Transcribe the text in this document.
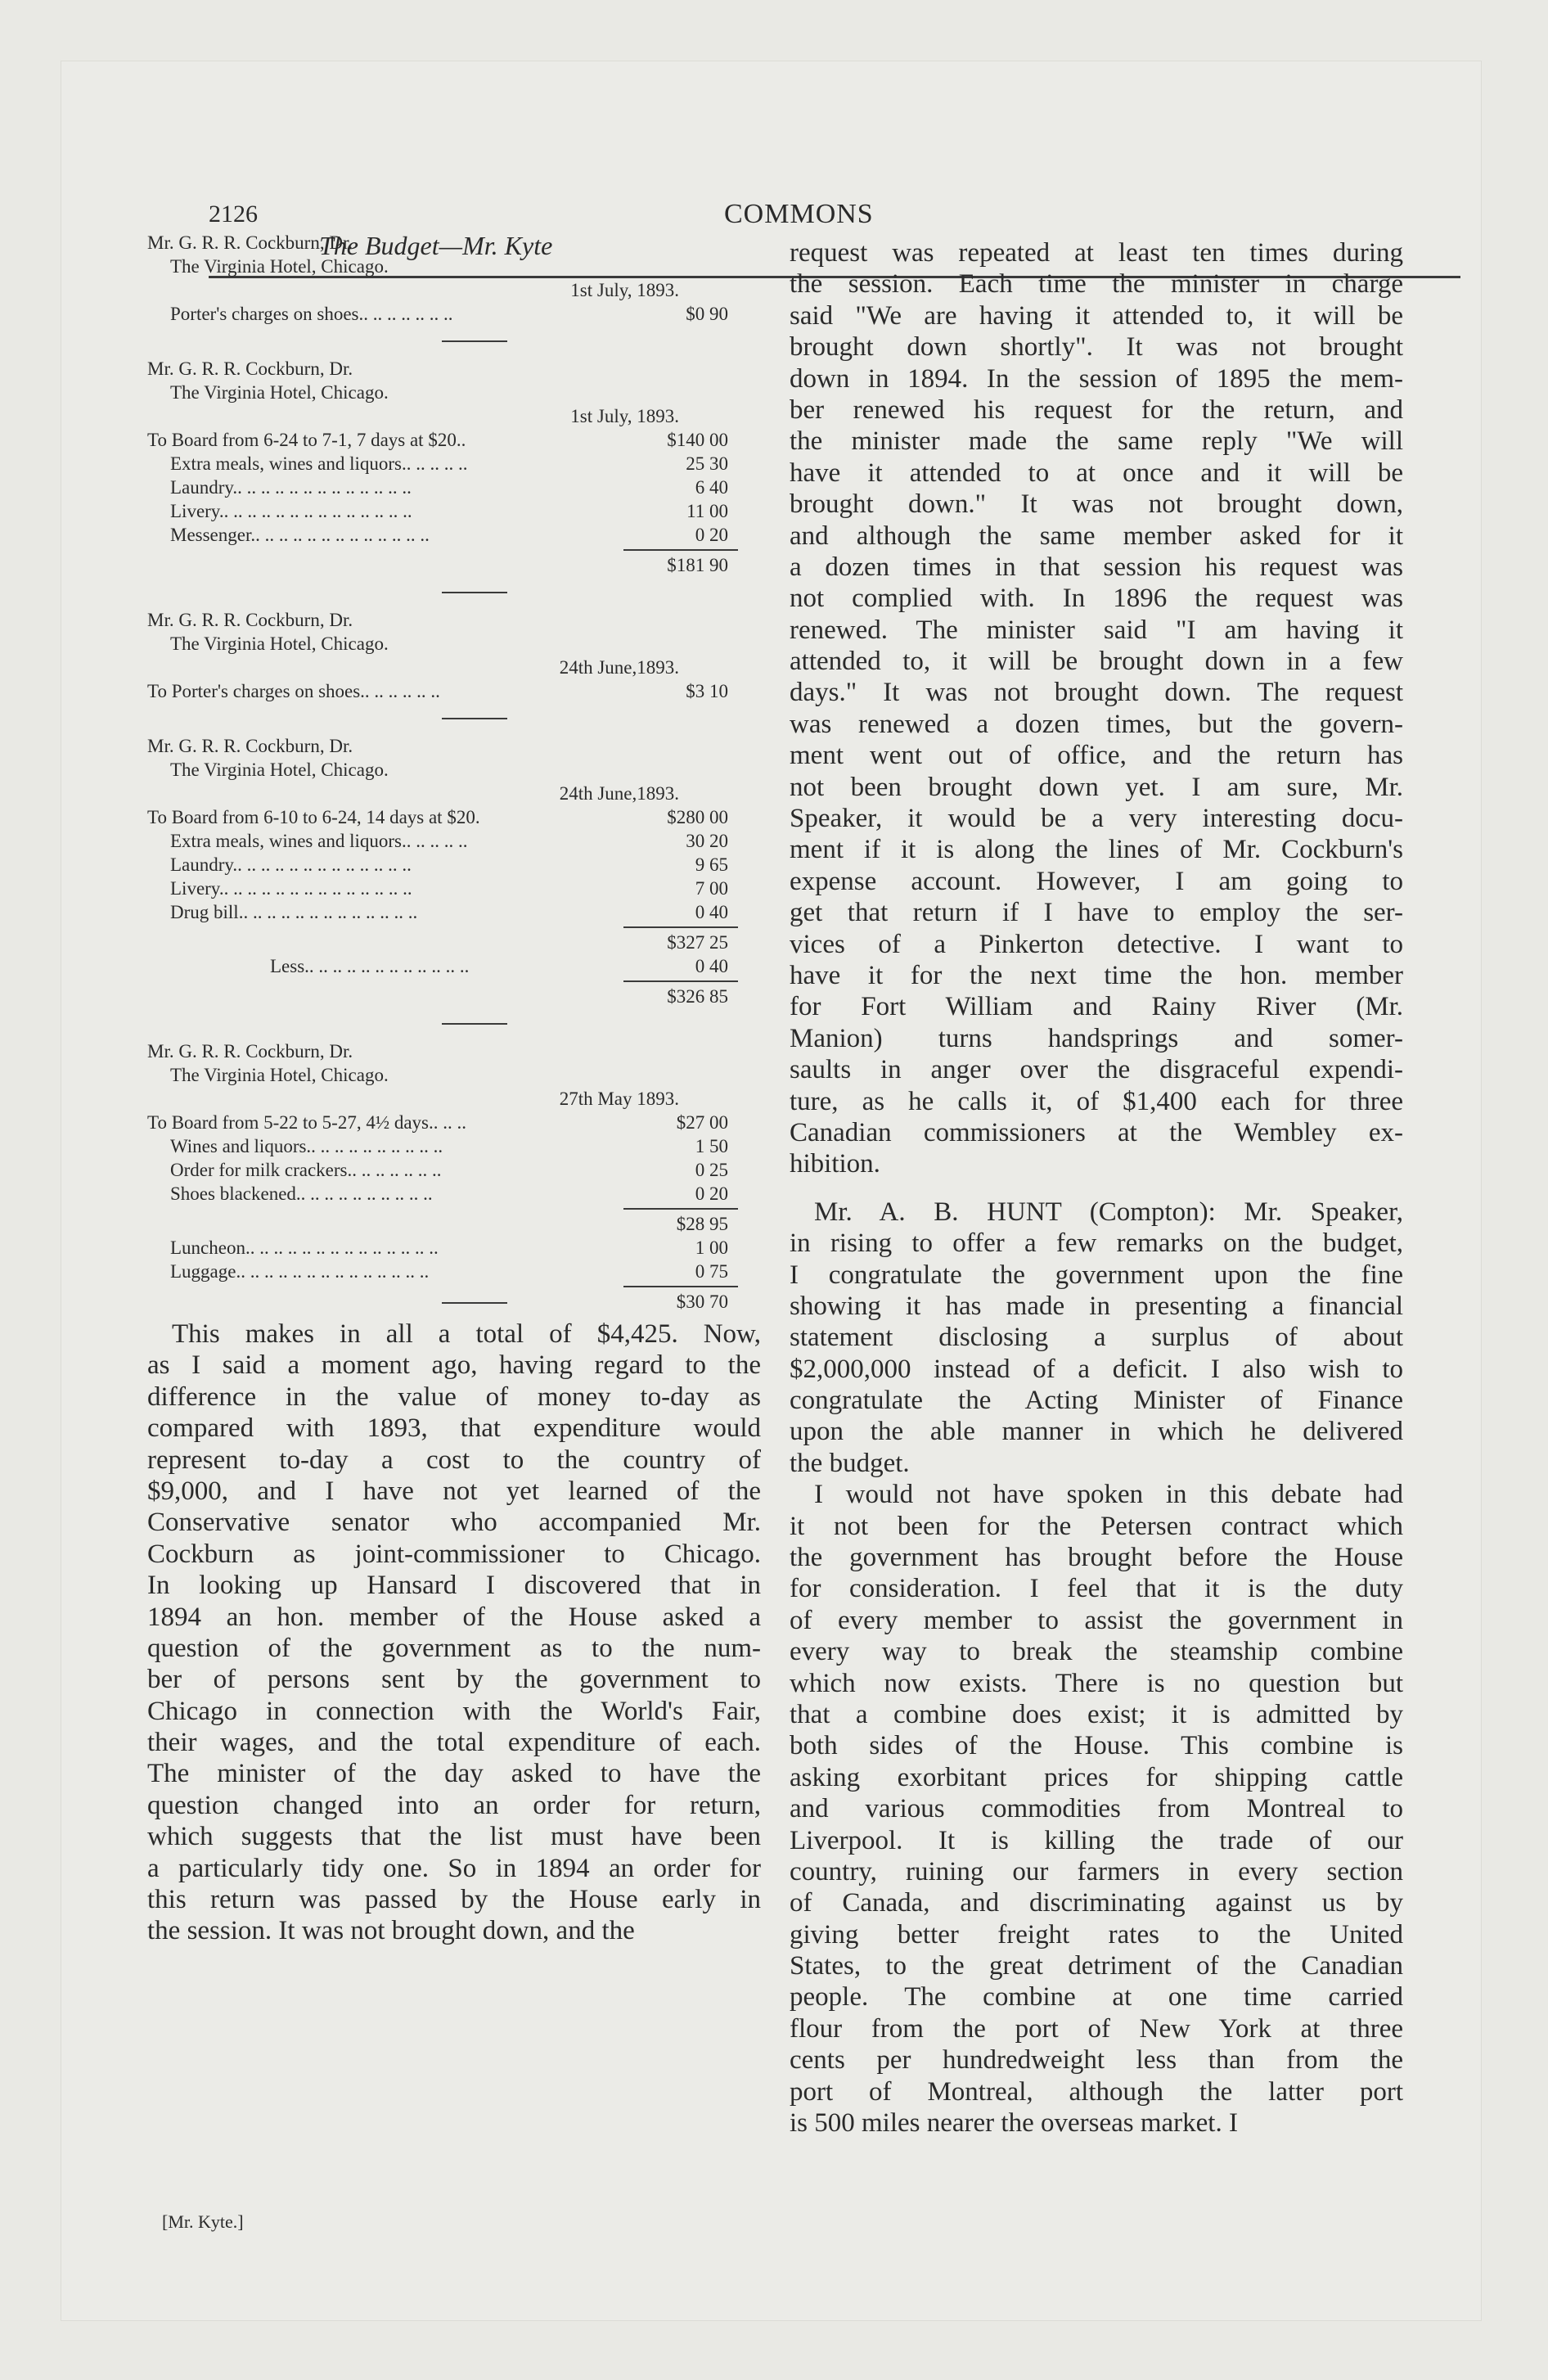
2126
The Budget—Mr. Kyte
COMMONS
Mr. G. R. R. Cockburn, Dr.
The Virginia Hotel, Chicago.
1st July, 1893.
Porter's charges on shoes.. .. .. .. .. .. ..	$0 90
Mr. G. R. R. Cockburn, Dr.
The Virginia Hotel, Chicago.
1st July, 1893.
To Board from 6-24 to 7-1, 7 days at $20..	$140 00
Extra meals, wines and liquors.. .. .. .. ..	25 30
Laundry.. .. .. .. .. .. .. .. .. .. .. .. ..	6 40
Livery.. .. .. .. .. .. .. .. .. .. .. .. .. ..	11 00
Messenger.. .. .. .. .. .. .. .. .. .. .. .. ..	0 20
$181 90
Mr. G. R. R. Cockburn, Dr.
The Virginia Hotel, Chicago.
24th June,1893.
To Porter's charges on shoes.. .. .. .. .. ..	$3 10
Mr. G. R. R. Cockburn, Dr.
The Virginia Hotel, Chicago.
24th June,1893.
To Board from 6-10 to 6-24, 14 days at $20.	$280 00
Extra meals, wines and liquors.. .. .. .. ..	30 20
Laundry.. .. .. .. .. .. .. .. .. .. .. .. ..	9 65
Livery.. .. .. .. .. .. .. .. .. .. .. .. .. ..	7 00
Drug bill.. .. .. .. .. .. .. .. .. .. .. .. ..	0 40
$327 25
Less.. .. .. .. .. .. .. .. .. .. .. ..	0 40
$326 85
Mr. G. R. R. Cockburn, Dr.
The Virginia Hotel, Chicago.
27th May 1893.
To Board from 5-22 to 5-27, 4½ days.. .. ..	$27 00
Wines and liquors.. .. .. .. .. .. .. .. .. ..	1 50
Order for milk crackers.. .. .. .. .. .. ..	0 25
Shoes blackened.. .. .. .. .. .. .. .. .. ..	0 20
$28 95
Luncheon.. .. .. .. .. .. .. .. .. .. .. .. .. ..	1 00
Luggage.. .. .. .. .. .. .. .. .. .. .. .. .. ..	0 75
$30 70
This makes in all a total of $4,425. Now,
as I said a moment ago, having regard to the
difference in the value of money to-day as
compared with 1893, that expenditure would
represent to-day a cost to the country of
$9,000, and I have not yet learned of the
Conservative senator who accompanied Mr.
Cockburn as joint-commissioner to Chicago.
In looking up Hansard I discovered that in
1894 an hon. member of the House asked a
question of the government as to the num-
ber of persons sent by the government to
Chicago in connection with the World's Fair,
their wages, and the total expenditure of each.
The minister of the day asked to have the
question changed into an order for return,
which suggests that the list must have been
a particularly tidy one. So in 1894 an order for
this return was passed by the House early in
the session. It was not brought down, and the
request was repeated at least ten times during
the session. Each time the minister in charge
said "We are having it attended to, it will be
brought down shortly". It was not brought
down in 1894. In the session of 1895 the mem-
ber renewed his request for the return, and
the minister made the same reply "We will
have it attended to at once and it will be
brought down." It was not brought down,
and although the same member asked for it
a dozen times in that session his request was
not complied with. In 1896 the request was
renewed. The minister said "I am having it
attended to, it will be brought down in a few
days." It was not brought down. The request
was renewed a dozen times, but the govern-
ment went out of office, and the return has
not been brought down yet. I am sure, Mr.
Speaker, it would be a very interesting docu-
ment if it is along the lines of Mr. Cockburn's
expense account. However, I am going to
get that return if I have to employ the ser-
vices of a Pinkerton detective. I want to
have it for the next time the hon. member
for Fort William and Rainy River (Mr.
Manion) turns handsprings and somer-
saults in anger over the disgraceful expendi-
ture, as he calls it, of $1,400 each for three
Canadian commissioners at the Wembley ex-
hibition.
Mr. A. B. HUNT (Compton): Mr. Speaker,
in rising to offer a few remarks on the budget,
I congratulate the government upon the fine
showing it has made in presenting a financial
statement disclosing a surplus of about
$2,000,000 instead of a deficit. I also wish to
congratulate the Acting Minister of Finance
upon the able manner in which he delivered
the budget.
I would not have spoken in this debate had
it not been for the Petersen contract which
the government has brought before the House
for consideration. I feel that it is the duty
of every member to assist the government in
every way to break the steamship combine
which now exists. There is no question but
that a combine does exist; it is admitted by
both sides of the House. This combine is
asking exorbitant prices for shipping cattle
and various commodities from Montreal to
Liverpool. It is killing the trade of our
country, ruining our farmers in every section
of Canada, and discriminating against us by
giving better freight rates to the United
States, to the great detriment of the Canadian
people. The combine at one time carried
flour from the port of New York at three
cents per hundredweight less than from the
port of Montreal, although the latter port
is 500 miles nearer the overseas market. I
[Mr. Kyte.]
